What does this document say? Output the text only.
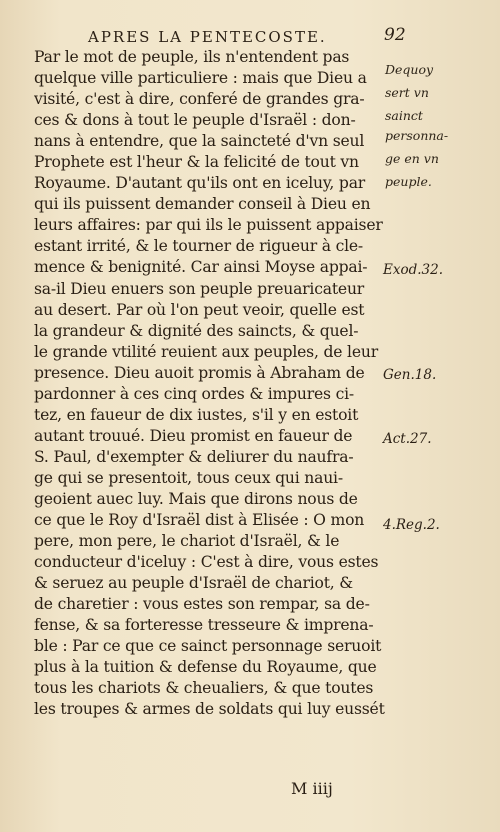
APRES LA PENTECOSTE.	92
Par le mot de peuple, ils n'entendent pas
quelque ville particuliere : mais que Dieu a
visité, c'est à dire, conferé de grandes gra-
ces & dons à tout le peuple d'Israël : don-
nans à entendre, que la saincteté d'vn seul
Prophete est l'heur & la felicité de tout vn
Royaume. D'autant qu'ils ont en iceluy, par
qui ils puissent demander conseil à Dieu en
leurs affaires: par qui ils le puissent appaiser
estant irrité, & le tourner de rigueur à cle-
mence & benignité. Car ainsi Moyse appai-
sa-il Dieu enuers son peuple preuaricateur
au desert. Par où l'on peut veoir, quelle est
la grandeur & dignité des saincts, & quel-
le grande vtilité reuient aux peuples, de leur
presence. Dieu auoit promis à Abraham de
pardonner à ces cinq ordes & impures ci-
tez, en faueur de dix iustes, s'il y en estoit
autant trouué. Dieu promist en faueur de
S. Paul, d'exempter & deliurer du naufra-
ge qui se presentoit, tous ceux qui naui-
geoient auec luy. Mais que dirons nous de
ce que le Roy d'Israël dist à Elisée : O mon
pere, mon pere, le chariot d'Israël, & le
conducteur d'iceluy : C'est à dire, vous estes
& seruez au peuple d'Israël de chariot, &
de charetier : vous estes son rempar, sa de-
fense, & sa forteresse tresseure & imprena-
ble : Par ce que ce sainct personnage seruoit
plus à la tuition & defense du Royaume, que
tous les chariots & cheualiers, & que toutes
les troupes & armes de soldats qui luy eussét
Dequoy
sert vn
sainct
personna-
ge en vn
peuple.
Exod.32.
Gen.18.
Act.27.
4.Reg.2.
M iiij
